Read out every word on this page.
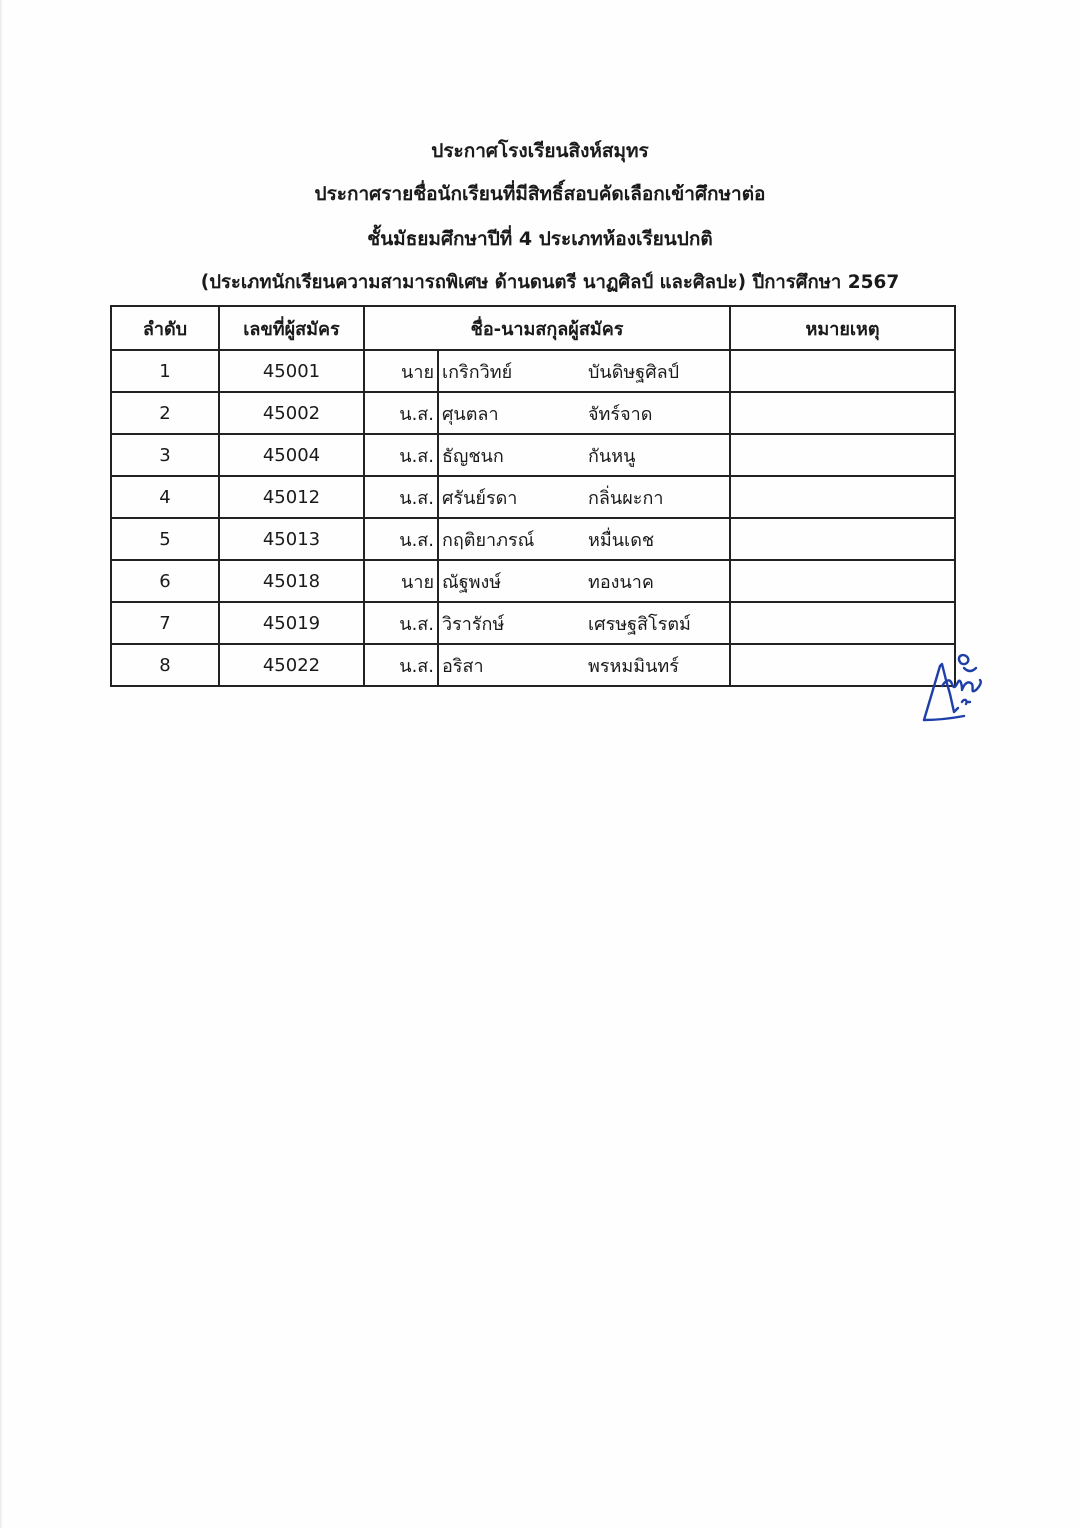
ประกาศโรงเรียนสิงห์สมุทร
ประกาศรายชื่อนักเรียนที่มีสิทธิ์สอบคัดเลือกเข้าศึกษาต่อ
ชั้นมัธยมศึกษาปีที่ 4 ประเภทห้องเรียนปกติ
(ประเภทนักเรียนความสามารถพิเศษ ด้านดนตรี นาฏศิลป์ และศิลปะ) ปีการศึกษา 2567
ลำดับ	เลขที่ผู้สมัคร	ชื่อ-นามสกุลผู้สมัคร			หมายเหตุ
1	45001	นาย	เกริกวิทย์	บันดิษฐศิลป์	
2	45002	น.ส.	ศุนตลา	จัทร์จาด	
3	45004	น.ส.	ธัญชนก	กันหนู	
4	45012	น.ส.	ศรันย์รดา	กลิ่นผะกา	
5	45013	น.ส.	กฤติยาภรณ์	หมื่นเดช	
6	45018	นาย	ณัฐพงษ์	ทองนาค	
7	45019	น.ส.	วิรารักษ์	เศรษฐสิโรตม์	
8	45022	น.ส.	อริสา	พรหมมินทร์	
